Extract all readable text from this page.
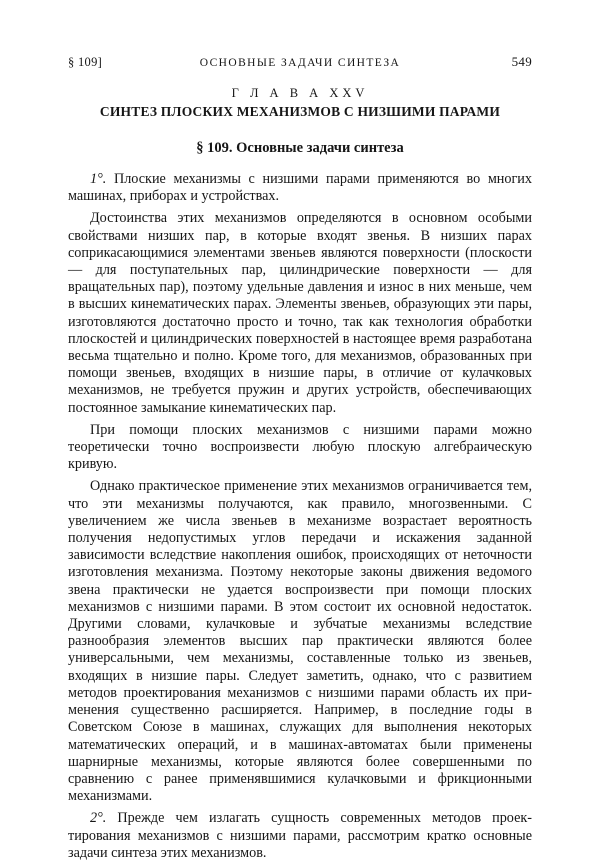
§ 109]	ОСНОВНЫЕ ЗАДАЧИ СИНТЕЗА	549
Г Л А В А XXV
СИНТЕЗ ПЛОСКИХ МЕХАНИЗМОВ С НИЗШИМИ ПАРАМИ
§ 109. Основные задачи синтеза

1°. Плоские механизмы с низшими парами применяются во многих машинах, приборах и устройствах.

Достоинства этих механизмов определяются в основном особыми свойствами низших пар, в которые входят звенья. В низших парах соприкасающимися элементами звеньев являются поверхности (плоскости — для поступательных пар, цилиндрические поверхности — для вращательных пар), поэтому удельные давления и износ в них меньше, чем в высших кинематических парах. Элементы звеньев, образующих эти пары, изготовляются достаточно просто и точно, так как технология обработки плоскостей и цилиндрических поверхностей в настоящее время разработана весьма тщательно и полно. Кроме того, для механизмов, образованных при помощи звеньев, входящих в низшие пары, в отличие от кулачковых механизмов, не требуется пружин и других устройств, обеспечивающих постоянное замыкание кинематических пар.

При помощи плоских механизмов с низшими парами можно теоретически точно воспроизвести любую плоскую алгебраическую кривую.

Однако практическое применение этих механизмов ограничивается тем, что эти механизмы получаются, как правило, многозвенными. С увеличением же числа звеньев в механизме возрастает вероятность получения недопустимых углов передачи и искажения заданной зависимости вследствие накопления ошибок, происходящих от неточности изготовления механизма. Поэтому некоторые законы движения ведомого звена практически не удается воспроизвести при помощи плоских механизмов с низшими парами. В этом состоит их основной недостаток. Другими словами, кулачковые и зубчатые механизмы вследствие разнообразия элементов высших пар практически являются более универсальными, чем механизмы, составленные только из звеньев, входящих в низшие пары. Следует заметить, однако, что с развитием методов проектирования механизмов с низшими парами область их применения существенно расширяется. Например, в последние годы в Советском Союзе в машинах, служащих для выполнения некоторых математических операций, и в машинах-автоматах были применены шарнирные механизмы, которые являются более совершенными по сравнению с ранее применявшимися кулачковыми и фрикционными механизмами.

2°. Прежде чем излагать сущность современных методов проектирования механизмов с низшими парами, рассмотрим кратко основные задачи синтеза этих механизмов.
